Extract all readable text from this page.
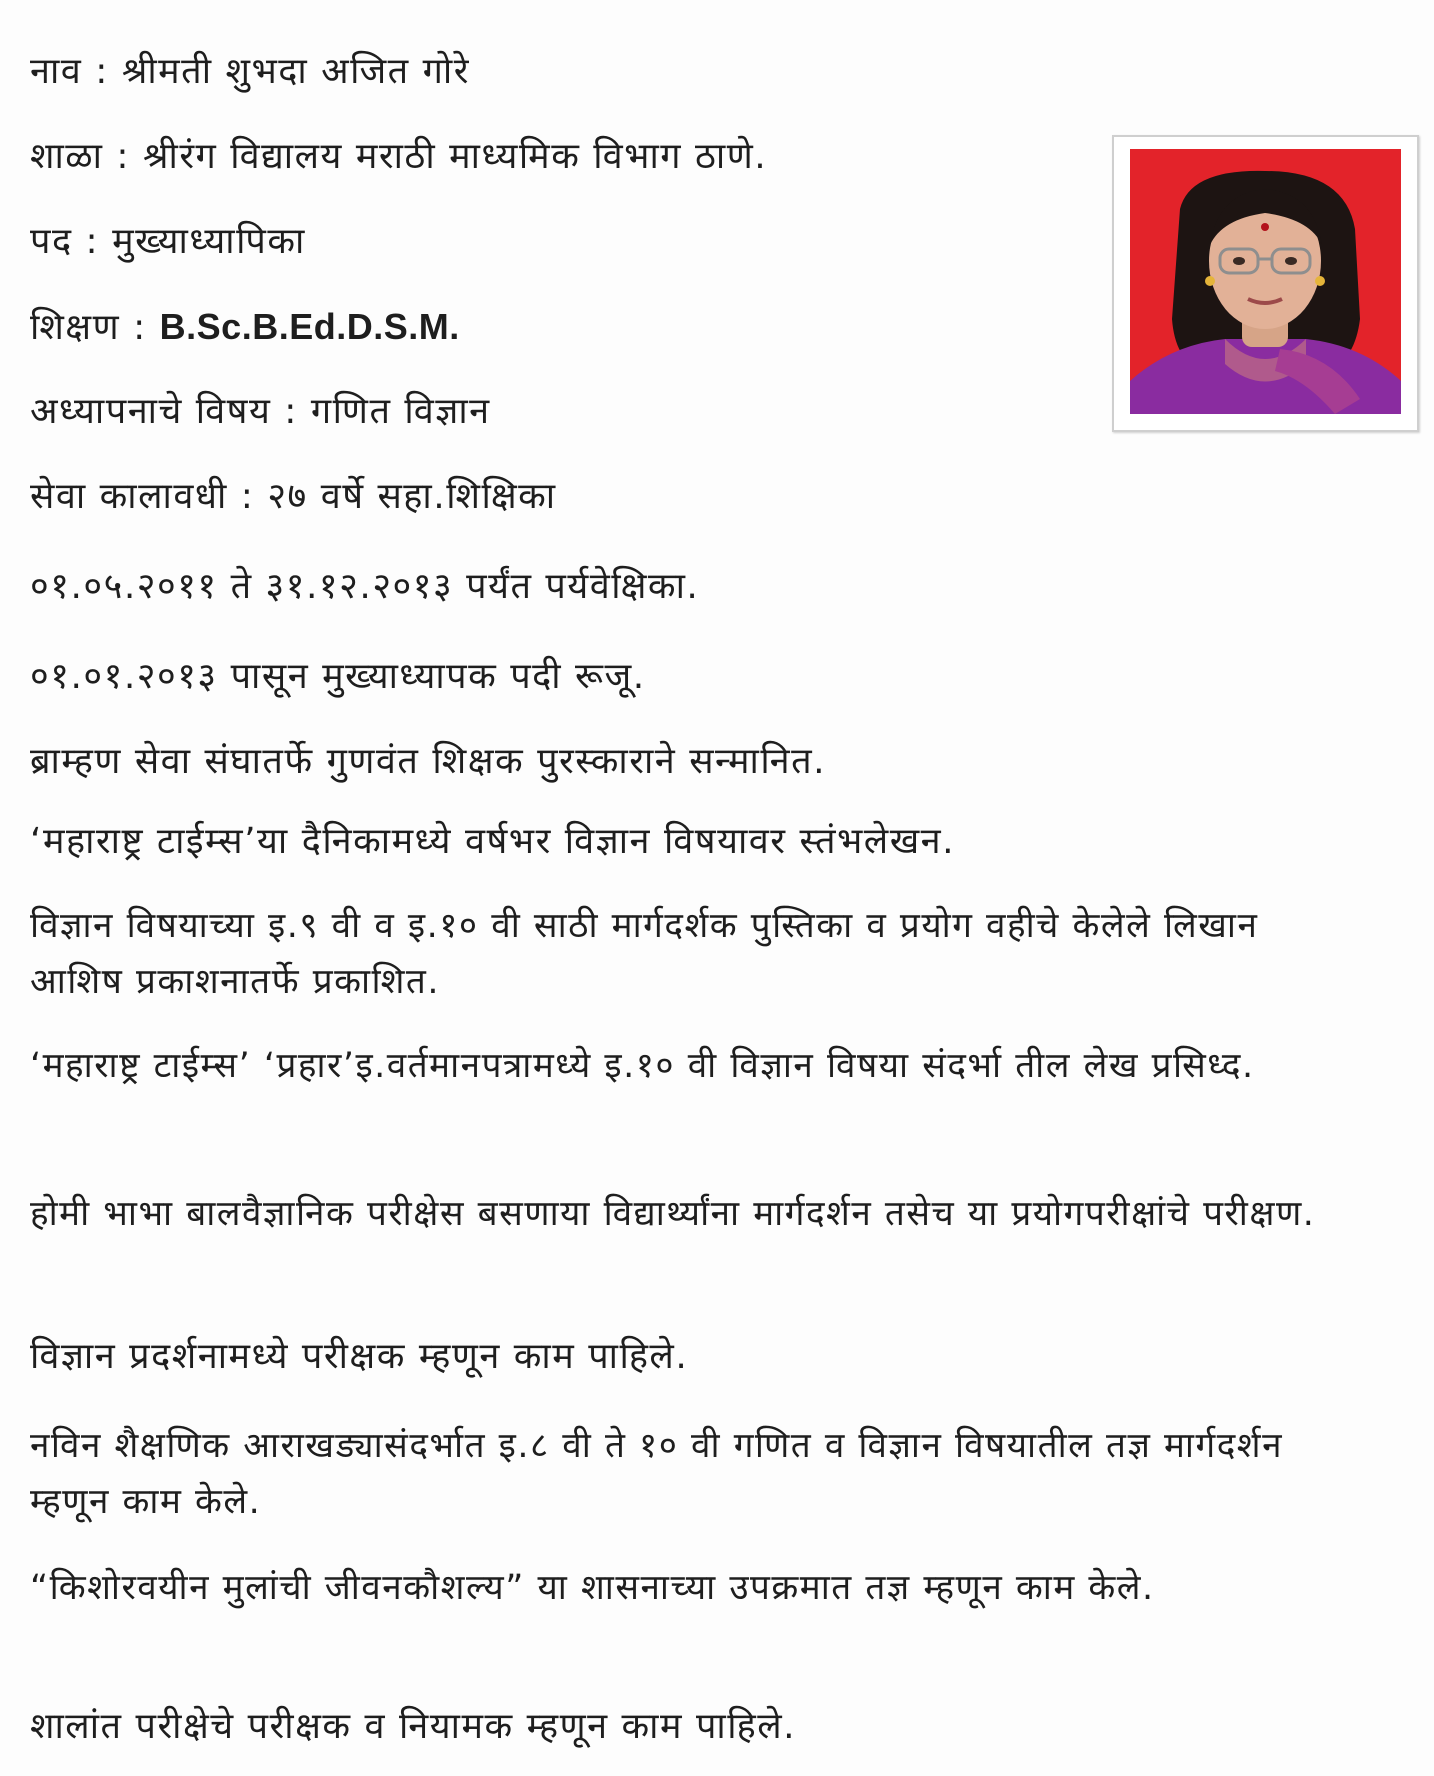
नाव : श्रीमती शुभदा अजित गोरे
शाळा : श्रीरंग विद्यालय मराठी माध्यमिक विभाग ठाणे.
पद : मुख्याध्यापिका
शिक्षण : B.Sc.B.Ed.D.S.M.
अध्यापनाचे विषय : गणित विज्ञान
सेवा कालावधी : २७ वर्षे सहा.शिक्षिका
०१.०५.२०११ ते ३१.१२.२०१३ पर्यंत पर्यवेक्षिका.
०१.०१.२०१३ पासून मुख्याध्यापक पदी रूजू.
ब्राम्हण सेवा संघातर्फे गुणवंत शिक्षक पुरस्काराने सन्मानित.
‘महाराष्ट्र टाईम्स’या दैनिकामध्ये वर्षभर विज्ञान विषयावर स्तंभलेखन.
विज्ञान विषयाच्या इ.९ वी व इ.१० वी साठी मार्गदर्शक पुस्तिका व प्रयोग वहीचे केलेले लिखान आशिष प्रकाशनातर्फे प्रकाशित.
‘महाराष्ट्र टाईम्स’ ‘प्रहार’इ.वर्तमानपत्रामध्ये इ.१० वी विज्ञान विषया संदर्भा तील लेख प्रसिध्द.
होमी भाभा बालवैज्ञानिक परीक्षेस बसणाया विद्यार्थ्यांना मार्गदर्शन तसेच या प्रयोगपरीक्षांचे परीक्षण.
विज्ञान प्रदर्शनामध्ये परीक्षक म्हणून काम पाहिले.
नविन शैक्षणिक आराखड्यासंदर्भात इ.८ वी ते १० वी गणित व विज्ञान विषयातील तज्ञ मार्गदर्शन म्हणून काम केले.
“किशोरवयीन मुलांची जीवनकौशल्य” या शासनाच्या उपक्रमात तज्ञ म्हणून काम केले.
शालांत परीक्षेचे परीक्षक व नियामक म्हणून काम पाहिले.
